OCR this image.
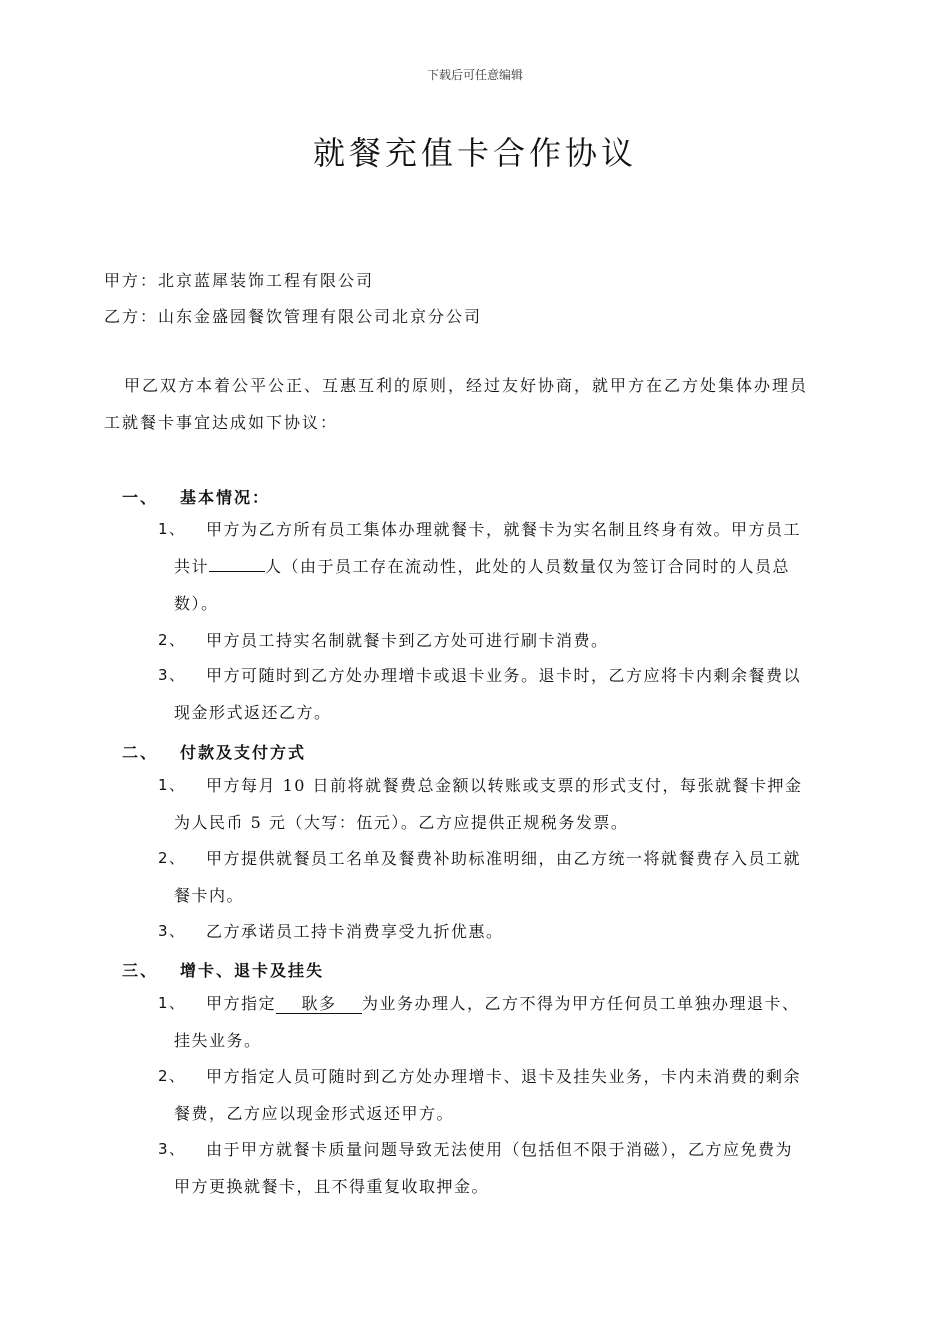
下载后可任意编辑
就餐充值卡合作协议
甲方：北京蓝犀装饰工程有限公司
乙方：山东金盛园餐饮管理有限公司北京分公司
甲乙双方本着公平公正、互惠互利的原则，经过友好协商，就甲方在乙方处集体办理员
工就餐卡事宜达成如下协议：
一、 基本情况：
1、 甲方为乙方所有员工集体办理就餐卡，就餐卡为实名制且终身有效。甲方员工
共计	人（由于员工存在流动性，此处的人员数量仅为签订合同时的人员总
数）。
2、 甲方员工持实名制就餐卡到乙方处可进行刷卡消费。
3、 甲方可随时到乙方处办理增卡或退卡业务。退卡时，乙方应将卡内剩余餐费以
现金形式返还乙方。
二、 付款及支付方式
1、 甲方每月 10 日前将就餐费总金额以转账或支票的形式支付，每张就餐卡押金
为人民币 5 元（大写：伍元）。乙方应提供正规税务发票。
2、 甲方提供就餐员工名单及餐费补助标准明细，由乙方统一将就餐费存入员工就
餐卡内。
3、 乙方承诺员工持卡消费享受九折优惠。
三、 增卡、退卡及挂失
1、 甲方指定 耿多 为业务办理人，乙方不得为甲方任何员工单独办理退卡、
挂失业务。
2、 甲方指定人员可随时到乙方处办理增卡、退卡及挂失业务，卡内未消费的剩余
餐费，乙方应以现金形式返还甲方。
3、 由于甲方就餐卡质量问题导致无法使用（包括但不限于消磁），乙方应免费为
甲方更换就餐卡，且不得重复收取押金。
